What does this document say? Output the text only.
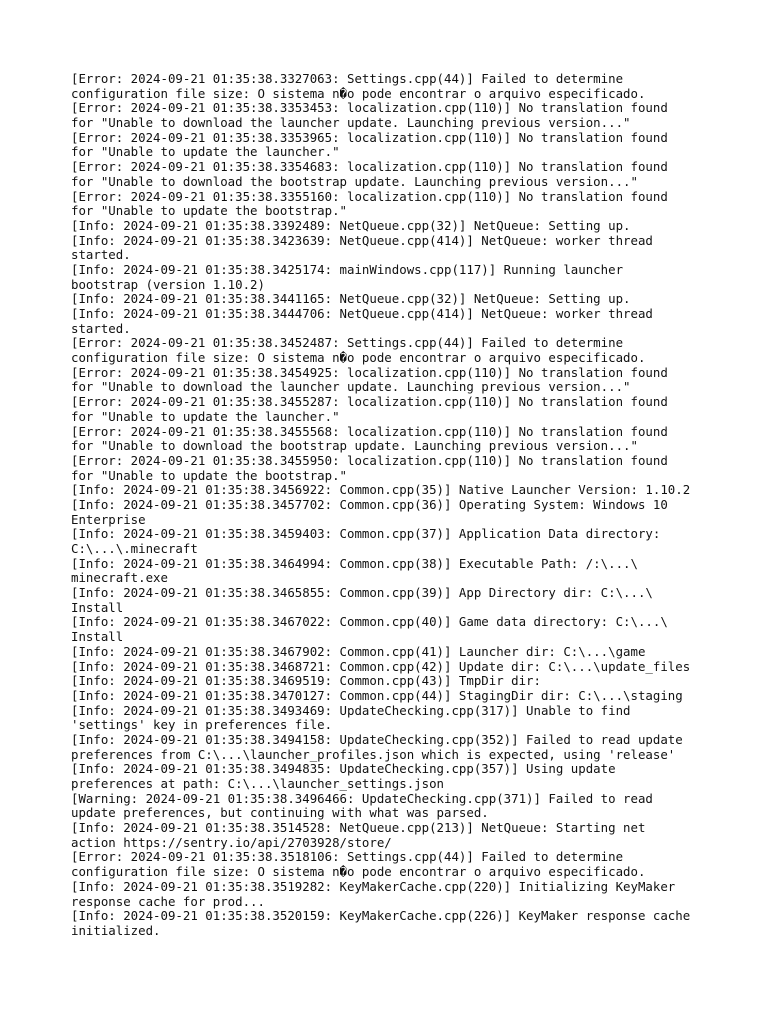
[Error: 2024-09-21 01:35:38.3327063: Settings.cpp(44)] Failed to determine
configuration file size: O sistema n�o pode encontrar o arquivo especificado.
[Error: 2024-09-21 01:35:38.3353453: localization.cpp(110)] No translation found
for "Unable to download the launcher update. Launching previous version..."
[Error: 2024-09-21 01:35:38.3353965: localization.cpp(110)] No translation found
for "Unable to update the launcher."
[Error: 2024-09-21 01:35:38.3354683: localization.cpp(110)] No translation found
for "Unable to download the bootstrap update. Launching previous version..."
[Error: 2024-09-21 01:35:38.3355160: localization.cpp(110)] No translation found
for "Unable to update the bootstrap."
[Info: 2024-09-21 01:35:38.3392489: NetQueue.cpp(32)] NetQueue: Setting up.
[Info: 2024-09-21 01:35:38.3423639: NetQueue.cpp(414)] NetQueue: worker thread
started.
[Info: 2024-09-21 01:35:38.3425174: mainWindows.cpp(117)] Running launcher
bootstrap (version 1.10.2)
[Info: 2024-09-21 01:35:38.3441165: NetQueue.cpp(32)] NetQueue: Setting up.
[Info: 2024-09-21 01:35:38.3444706: NetQueue.cpp(414)] NetQueue: worker thread
started.
[Error: 2024-09-21 01:35:38.3452487: Settings.cpp(44)] Failed to determine
configuration file size: O sistema n�o pode encontrar o arquivo especificado.
[Error: 2024-09-21 01:35:38.3454925: localization.cpp(110)] No translation found
for "Unable to download the launcher update. Launching previous version..."
[Error: 2024-09-21 01:35:38.3455287: localization.cpp(110)] No translation found
for "Unable to update the launcher."
[Error: 2024-09-21 01:35:38.3455568: localization.cpp(110)] No translation found
for "Unable to download the bootstrap update. Launching previous version..."
[Error: 2024-09-21 01:35:38.3455950: localization.cpp(110)] No translation found
for "Unable to update the bootstrap."
[Info: 2024-09-21 01:35:38.3456922: Common.cpp(35)] Native Launcher Version: 1.10.2
[Info: 2024-09-21 01:35:38.3457702: Common.cpp(36)] Operating System: Windows 10
Enterprise
[Info: 2024-09-21 01:35:38.3459403: Common.cpp(37)] Application Data directory:
C:\...\.minecraft
[Info: 2024-09-21 01:35:38.3464994: Common.cpp(38)] Executable Path: /:\...\
minecraft.exe
[Info: 2024-09-21 01:35:38.3465855: Common.cpp(39)] App Directory dir: C:\...\
Install
[Info: 2024-09-21 01:35:38.3467022: Common.cpp(40)] Game data directory: C:\...\
Install
[Info: 2024-09-21 01:35:38.3467902: Common.cpp(41)] Launcher dir: C:\...\game
[Info: 2024-09-21 01:35:38.3468721: Common.cpp(42)] Update dir: C:\...\update_files
[Info: 2024-09-21 01:35:38.3469519: Common.cpp(43)] TmpDir dir:
[Info: 2024-09-21 01:35:38.3470127: Common.cpp(44)] StagingDir dir: C:\...\staging
[Info: 2024-09-21 01:35:38.3493469: UpdateChecking.cpp(317)] Unable to find
'settings' key in preferences file.
[Info: 2024-09-21 01:35:38.3494158: UpdateChecking.cpp(352)] Failed to read update
preferences from C:\...\launcher_profiles.json which is expected, using 'release'
[Info: 2024-09-21 01:35:38.3494835: UpdateChecking.cpp(357)] Using update
preferences at path: C:\...\launcher_settings.json
[Warning: 2024-09-21 01:35:38.3496466: UpdateChecking.cpp(371)] Failed to read
update preferences, but continuing with what was parsed.
[Info: 2024-09-21 01:35:38.3514528: NetQueue.cpp(213)] NetQueue: Starting net
action https://sentry.io/api/2703928/store/
[Error: 2024-09-21 01:35:38.3518106: Settings.cpp(44)] Failed to determine
configuration file size: O sistema n�o pode encontrar o arquivo especificado.
[Info: 2024-09-21 01:35:38.3519282: KeyMakerCache.cpp(220)] Initializing KeyMaker
response cache for prod...
[Info: 2024-09-21 01:35:38.3520159: KeyMakerCache.cpp(226)] KeyMaker response cache
initialized.
